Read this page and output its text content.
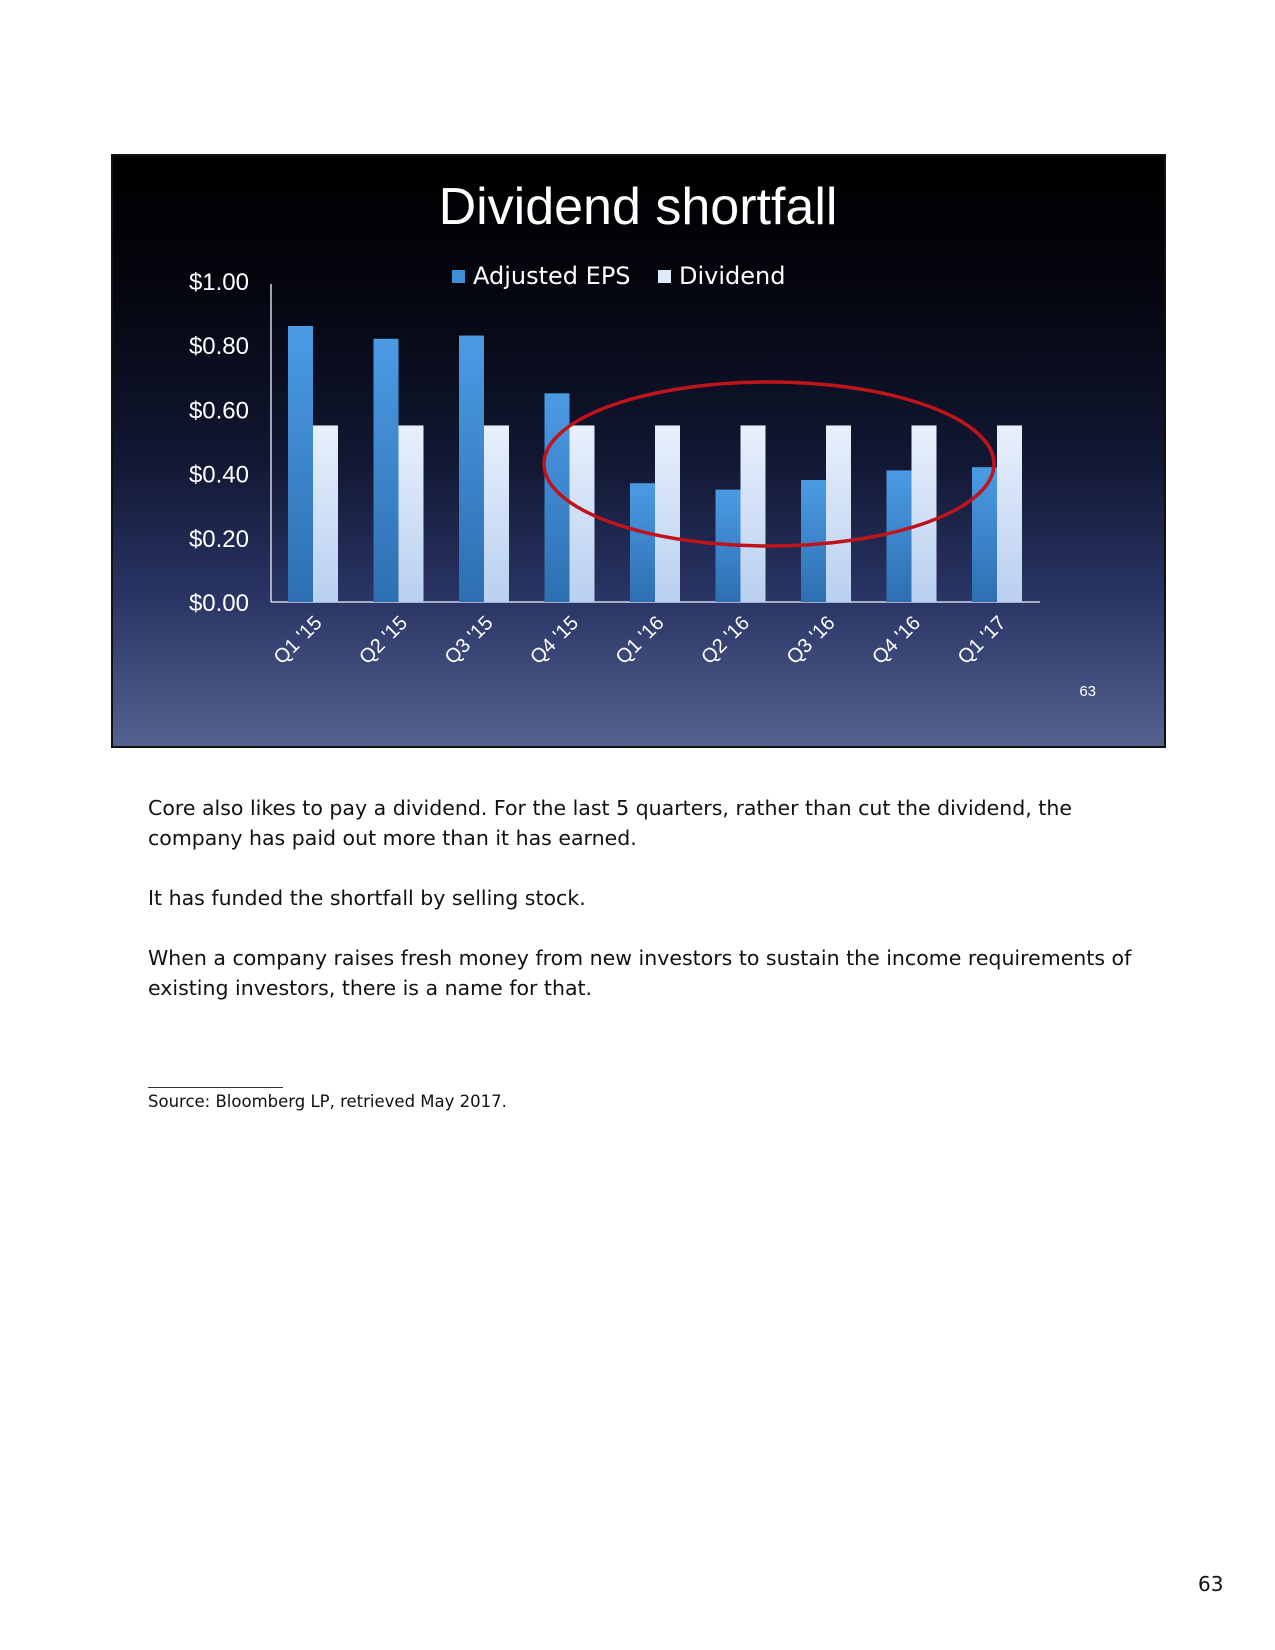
Dividend shortfall
Adjusted EPS Dividend
$0.00
$0.20
$0.40
$0.60
$0.80
$1.00
Q1 '15 Q2 '15 Q3 '15 Q4 '15 Q1 '16 Q2 '16 Q3 '16 Q4 '16 Q1 '17
63

Core also likes to pay a dividend. For the last 5 quarters, rather than cut the dividend, the company has paid out more than it has earned.

It has funded the shortfall by selling stock.

When a company raises fresh money from new investors to sustain the income requirements of existing investors, there is a name for that.

Source: Bloomberg LP, retrieved May 2017.
63
